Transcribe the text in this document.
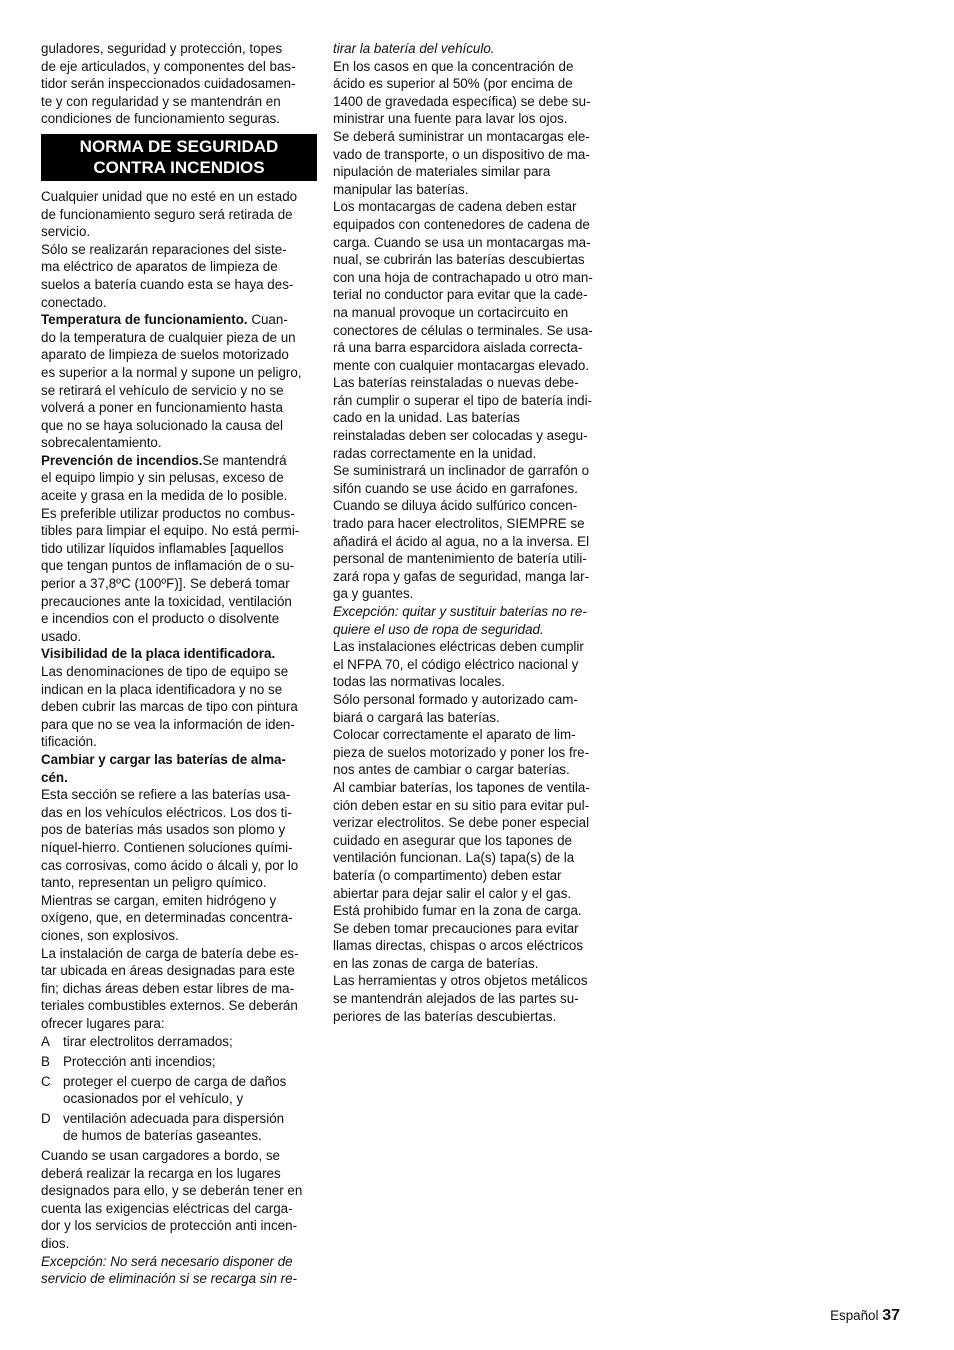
guladores, seguridad y protección, topes
de eje articulados, y componentes del bas-
tidor serán inspeccionados cuidadosamen-
te y con regularidad y se mantendrán en
condiciones de funcionamiento seguras.

NORMA DE SEGURIDAD
CONTRA INCENDIOS

Cualquier unidad que no esté en un estado
de funcionamiento seguro será retirada de
servicio.

Sólo se realizarán reparaciones del siste-
ma eléctrico de aparatos de limpieza de
suelos a batería cuando esta se haya des-
conectado.

Temperatura de funcionamiento. Cuan-
do la temperatura de cualquier pieza de un
aparato de limpieza de suelos motorizado
es superior a la normal y supone un peligro,
se retirará el vehículo de servicio y no se
volverá a poner en funcionamiento hasta
que no se haya solucionado la causa del
sobrecalentamiento.

Prevención de incendios.Se mantendrá
el equipo limpio y sin pelusas, exceso de
aceite y grasa en la medida de lo posible.
Es preferible utilizar productos no combus-
tibles para limpiar el equipo. No está permi-
tido utilizar líquidos inflamables [aquellos
que tengan puntos de inflamación de o su-
perior a 37,8ºC (100ºF)]. Se deberá tomar
precauciones ante la toxicidad, ventilación
e incendios con el producto o disolvente
usado.

Visibilidad de la placa identificadora.
Las denominaciones de tipo de equipo se
indican en la placa identificadora y no se
deben cubrir las marcas de tipo con pintura
para que no se vea la información de iden-
tificación.

Cambiar y cargar las baterías de alma-
cén.

Esta sección se refiere a las baterías usa-
das en los vehículos eléctricos. Los dos ti-
pos de baterías más usados son plomo y
níquel-hierro. Contienen soluciones quími-
cas corrosivas, como ácido o álcali y, por lo
tanto, representan un peligro químico.
Mientras se cargan, emiten hidrógeno y
oxígeno, que, en determinadas concentra-
ciones, son explosivos.

La instalación de carga de batería debe es-
tar ubicada en áreas designadas para este
fin; dichas áreas deben estar libres de ma-
teriales combustibles externos. Se deberán
ofrecer lugares para:

A tirar electrolitos derramados;
B Protección anti incendios;
C proteger el cuerpo de carga de daños
ocasionados por el vehículo, y
D ventilación adecuada para dispersión
de humos de baterías gaseantes.

Cuando se usan cargadores a bordo, se
deberá realizar la recarga en los lugares
designados para ello, y se deberán tener en
cuenta las exigencias eléctricas del carga-
dor y los servicios de protección anti incen-
dios.

Excepción: No será necesario disponer de
servicio de eliminación si se recarga sin re-

tirar la batería del vehículo.

En los casos en que la concentración de
ácido es superior al 50% (por encima de
1400 de gravedada específica) se debe su-
ministrar una fuente para lavar los ojos.

Se deberá suministrar un montacargas ele-
vado de transporte, o un dispositivo de ma-
nipulación de materiales similar para
manipular las baterías.

Los montacargas de cadena deben estar
equipados con contenedores de cadena de
carga. Cuando se usa un montacargas ma-
nual, se cubrirán las baterías descubiertas
con una hoja de contrachapado u otro man-
terial no conductor para evitar que la cade-
na manual provoque un cortacircuito en
conectores de células o terminales. Se usa-
rá una barra esparcidora aislada correcta-
mente con cualquier montacargas elevado.

Las baterías reinstaladas o nuevas debe-
rán cumplir o superar el tipo de batería indi-
cado en la unidad. Las baterías
reinstaladas deben ser colocadas y asegu-
radas correctamente en la unidad.

Se suministrará un inclinador de garrafón o
sifón cuando se use ácido en garrafones.

Cuando se diluya ácido sulfúrico concen-
trado para hacer electrolitos, SIEMPRE se
añadirá el ácido al agua, no a la inversa. El
personal de mantenimiento de batería utili-
zará ropa y gafas de seguridad, manga lar-
ga y guantes.

Excepción: quitar y sustituir baterías no re-
quiere el uso de ropa de seguridad.

Las instalaciones eléctricas deben cumplir
el NFPA 70, el código eléctrico nacional y
todas las normativas locales.

Sólo personal formado y autorizado cam-
biará o cargará las baterías.

Colocar correctamente el aparato de lim-
pieza de suelos motorizado y poner los fre-
nos antes de cambiar o cargar baterías.

Al cambiar baterías, los tapones de ventila-
ción deben estar en su sitio para evitar pul-
verizar electrolitos. Se debe poner especial
cuidado en asegurar que los tapones de
ventilación funcionan. La(s) tapa(s) de la
batería (o compartimento) deben estar
abiertar para dejar salir el calor y el gas.

Está prohibido fumar en la zona de carga.
Se deben tomar precauciones para evitar
llamas directas, chispas o arcos eléctricos
en las zonas de carga de baterías.

Las herramientas y otros objetos metálicos
se mantendrán alejados de las partes su-
periores de las baterías descubiertas.

Español 37
